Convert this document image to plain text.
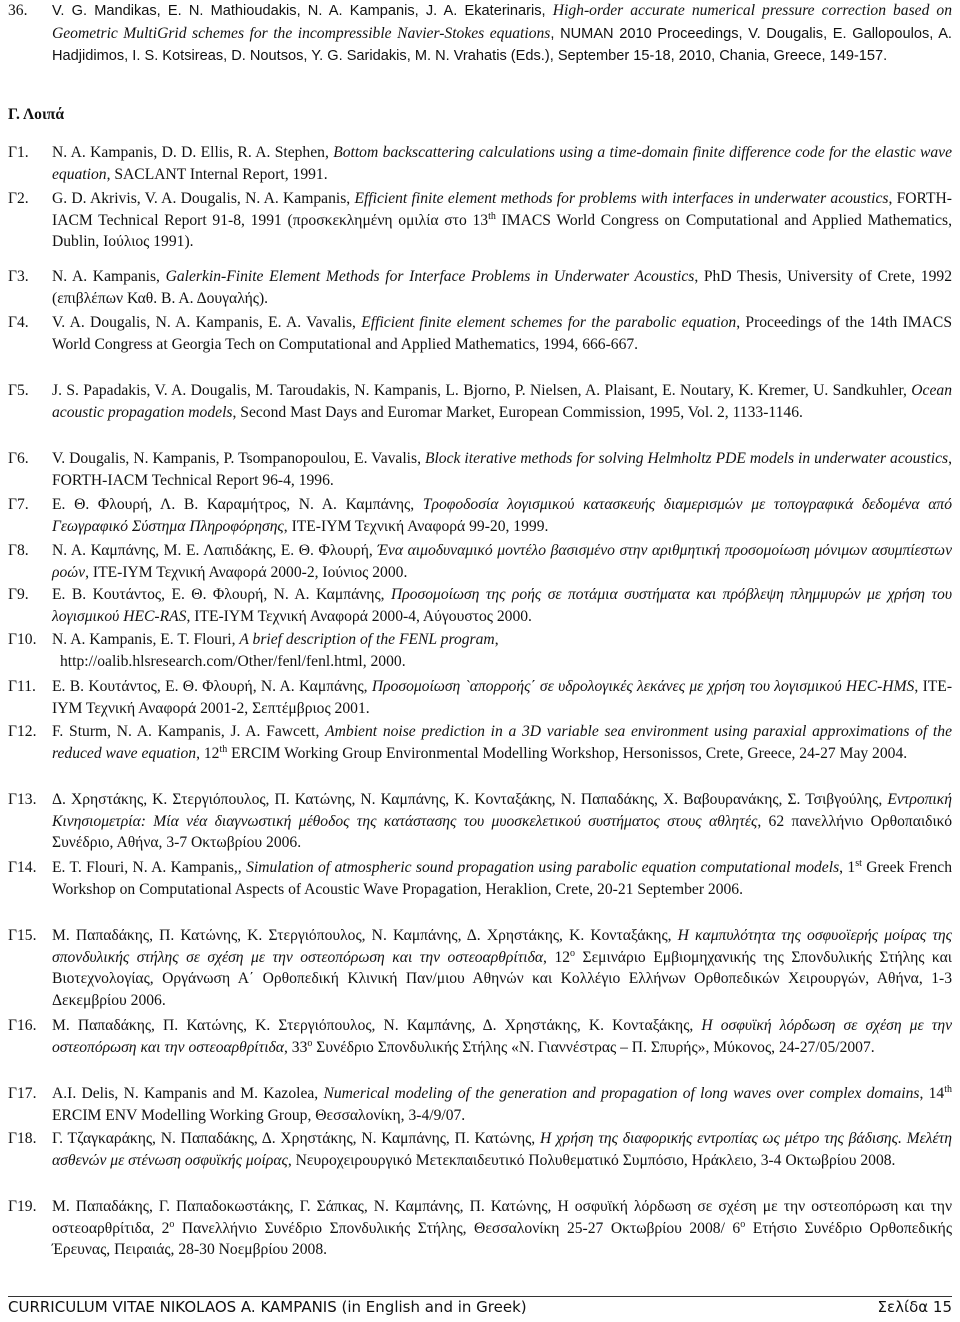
36.	V. G. Mandikas, E. N. Mathioudakis, N. A. Kampanis, J. A. Ekaterinaris, High-order accurate numerical pressure correction based on Geometric MultiGrid schemes for the incompressible Navier-Stokes equations, NUMAN 2010 Proceedings, V. Dougalis, E. Gallopoulos, A. Hadjidimos, I. S. Kotsireas, D. Noutsos, Y. G. Saridakis, M. N. Vrahatis (Eds.), September 15-18, 2010, Chania, Greece, 149-157.
Γ. Λοιπά
Γ1.	N. A. Kampanis, D. D. Ellis, R. A. Stephen, Bottom backscattering calculations using a time-domain finite difference code for the elastic wave equation, SACLANT Internal Report, 1991.
Γ2.	G. D. Akrivis, V. A. Dougalis, N. A. Kampanis, Efficient finite element methods for problems with interfaces in underwater acoustics, FORTH-IACM Technical Report 91-8, 1991 (προσκεκλημένη ομιλία στο 13th IMACS World Congress on Computational and Applied Mathematics, Dublin, Ιούλιος 1991).
Γ3.	N. A. Kampanis, Galerkin-Finite Element Methods for Interface Problems in Underwater Acoustics, PhD Thesis, University of Crete, 1992 (επιβλέπων Καθ. Β. Α. Δουγαλής).
Γ4.	V. A. Dougalis, N. A. Kampanis, E. A. Vavalis, Efficient finite element schemes for the parabolic equation, Proceedings of the 14th IMACS World Congress at Georgia Tech on Computational and Applied Mathematics, 1994, 666-667.
Γ5.	J. S. Papadakis, V. A. Dougalis, M. Taroudakis, N. Kampanis, L. Bjorno, P. Nielsen, A. Plaisant, E. Noutary, K. Kremer, U. Sandkuhler, Ocean acoustic propagation models, Second Mast Days and Euromar Market, European Commission, 1995, Vol. 2, 1133-1146.
Γ6.	V. Dougalis, N. Kampanis, P. Tsompanopoulou, E. Vavalis, Block iterative methods for solving Helmholtz PDE models in underwater acoustics, FORTH-IACM Technical Report 96-4, 1996.
Γ7.	Ε. Θ. Φλουρή, Λ. Β. Καραμήτρος, Ν. Α. Καμπάνης, Τροφοδοσία λογισμικού κατασκευής διαμερισμών με τοπογραφικά δεδομένα από Γεωγραφικό Σύστημα Πληροφόρησης, ΙΤΕ-ΙΥΜ Τεχνική Αναφορά 99-20, 1999.
Γ8.	Ν. Α. Καμπάνης, Μ. Ε. Λαπιδάκης, Ε. Θ. Φλουρή, Ένα αιμοδυναμικό μοντέλο βασισμένο στην αριθμητική προσομοίωση μόνιμων ασυμπίεστων ροών, ΙΤΕ-ΙΥΜ Τεχνική Αναφορά 2000-2, Ιούνιος 2000.
Γ9.	Ε. Β. Κουτάντος, Ε. Θ. Φλουρή, Ν. Α. Καμπάνης, Προσομοίωση της ροής σε ποτάμια συστήματα και πρόβλεψη πλημμυρών με χρήση του λογισμικού HEC-RAS, ΙΤΕ-ΙΥΜ Τεχνική Αναφορά 2000-4, Αύγουστος 2000.
Γ10. N. A. Kampanis, E. T. Flouri, A brief description of the FENL program,
http://oalib.hlsresearch.com/Other/fenl/fenl.html, 2000.
Γ11.	Ε. Β. Κουτάντος, Ε. Θ. Φλουρή, Ν. Α. Καμπάνης, Προσομοίωση `απορροής΄ σε υδρολογικές λεκάνες με χρήση του λογισμικού HEC-HMS, ΙΤΕ-ΙΥΜ Τεχνική Αναφορά 2001-2, Σεπτέμβριος 2001.
Γ12. F. Sturm, N. A. Kampanis, J. A. Fawcett, Ambient noise prediction in a 3D variable sea environment using paraxial approximations of the reduced wave equation, 12th ERCIM Working Group Environmental Modelling Workshop, Hersonissos, Crete, Greece, 24-27 May 2004.
Γ13. Δ. Χρηστάκης, Κ. Στεργιόπουλος, Π. Κατώνης, Ν. Καμπάνης, Κ. Κονταξάκης, Ν. Παπαδάκης, Χ. Βαβουρανάκης, Σ. Τσιβγούλης, Εντροπική Κινησιομετρία: Μία νέα διαγνωστική μέθοδος της κατάστασης του μυοσκελετικού συστήματος στους αθλητές, 62 πανελλήνιο Ορθοπαιδικό Συνέδριο, Αθήνα, 3-7 Οκτωβρίου 2006.
Γ14. E. T. Flouri, N. A. Kampanis,, Simulation of atmospheric sound propagation using parabolic equation computational models, 1st Greek French Workshop on Computational Aspects of Acoustic Wave Propagation, Heraklion, Crete, 20-21 September 2006.
Γ15. Μ. Παπαδάκης, Π. Κατώνης, Κ. Στεργιόπουλος, Ν. Καμπάνης, Δ. Χρηστάκης, Κ. Κονταξάκης, Η καμπυλότητα της οσφυοϊερής μοίρας της σπονδυλικής στήλης σε σχέση με την οστεοπόρωση και την οστεοαρθρίτιδα, $12^o$ Σεμινάριο Εμβιομηχανικής της Σπονδυλικής Στήλης και Βιοτεχνολογίας, Οργάνωση Α΄ Ορθοπεδική Κλινική Παν/μιου Αθηνών και Κολλέγιο Ελλήνων Ορθοπεδικών Χειρουργών, Αθήνα, 1-3 Δεκεμβρίου 2006.
Γ16. Μ. Παπαδάκης, Π. Κατώνης, Κ. Στεργιόπουλος, Ν. Καμπάνης, Δ. Χρηστάκης, Κ. Κονταξάκης, Η οσφυϊκή λόρδωση σε σχέση με την οστεοπόρωση και την οστεοαρθρίτιδα, $33^o$ Συνέδριο Σπονδυλικής Στήλης «Ν. Γιαννέστρας – Π. Σπυρής», Μύκονος, 24-27/05/2007.
Γ17. A.I. Delis, N. Kampanis and M. Kazolea, Numerical modeling of the generation and propagation of long waves over complex domains, 14th ERCIM ENV Modelling Working Group, Θεσσαλονίκη, 3-4/9/07.
Γ18. Γ. Τζαγκαράκης, Ν. Παπαδάκης, Δ. Χρηστάκης, Ν. Καμπάνης, Π. Κατώνης, Η χρήση της διαφορικής εντροπίας ως μέτρο της βάδισης. Μελέτη ασθενών με στένωση οσφυϊκής μοίρας, Νευροχειρουργικό Μετεκπαιδευτικό Πολυθεματικό Συμπόσιο, Ηράκλειο, 3-4 Οκτωβρίου 2008.
Γ19. Μ. Παπαδάκης, Γ. Παπαδοκωστάκης, Γ. Σάπκας, Ν. Καμπάνης, Π. Κατώνης, Η οσφυϊκή λόρδωση σε σχέση με την οστεοπόρωση και την οστεοαρθρίτιδα, $2^o$ Πανελλήνιο Συνέδριο Σπονδυλικής Στήλης, Θεσσαλονίκη 25-27 Οκτωβρίου 2008/ $6^o$ Ετήσιο Συνέδριο Ορθοπεδικής Έρευνας, Πειραιάς, 28-30 Νοεμβρίου 2008.
CURRICULUM VITAE NIKOLAOS A. KAMPANIS (in English and in Greek)	Σελίδα 15
